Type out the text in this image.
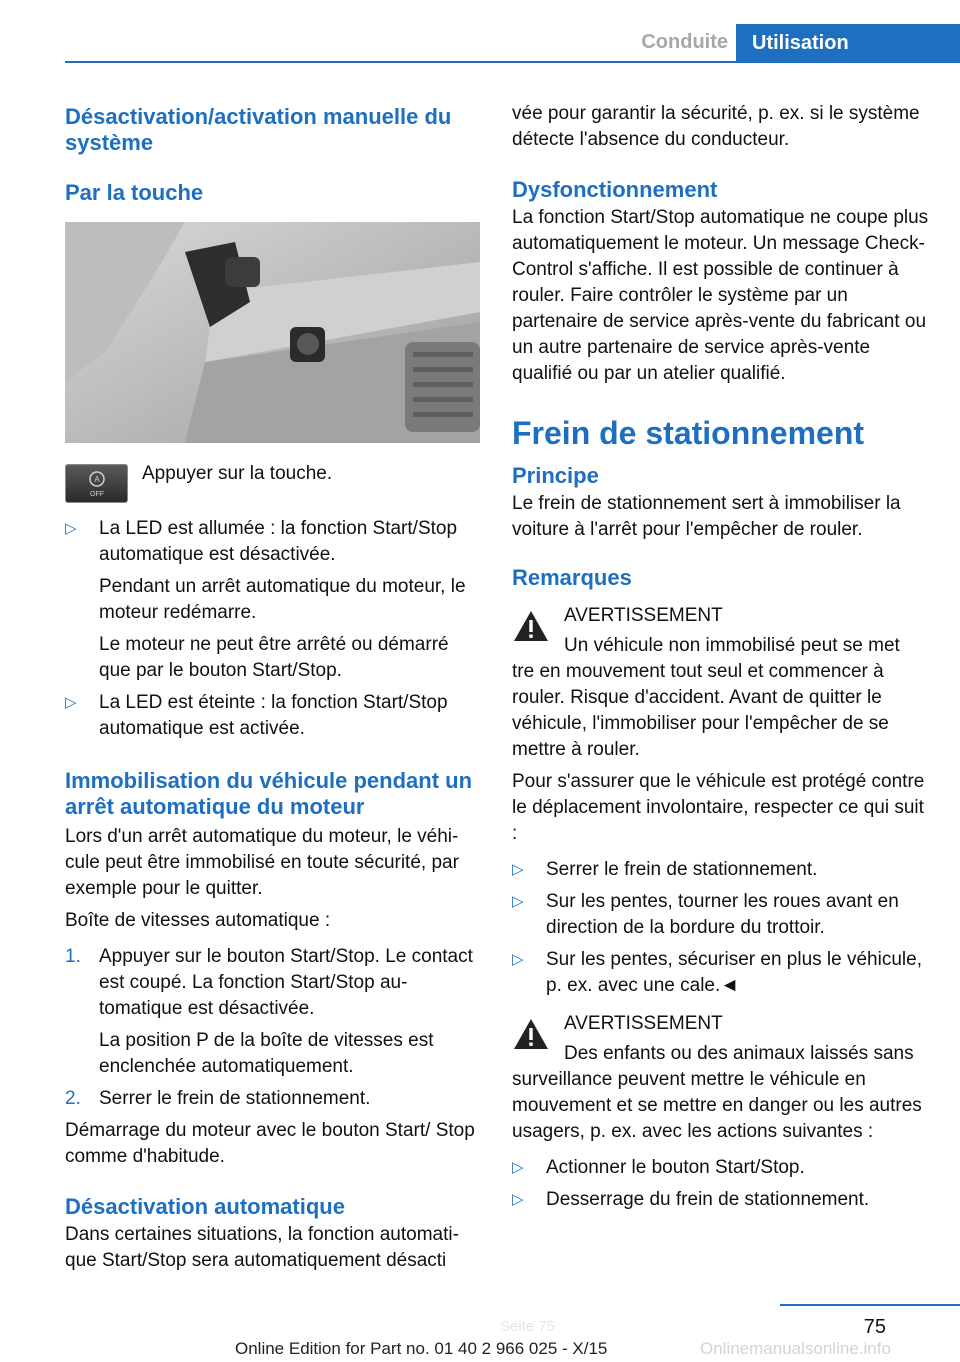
Conduite	Utilisation
Désactivation/activation manuelle du système
Par la touche
A
OFF

Appuyer sur la touche.

▷ La LED est allumée : la fonction Start/Stop automatique est désactivée.

Pendant un arrêt automatique du moteur, le moteur redémarre.

Le moteur ne peut être arrêté ou démarré que par le bouton Start/Stop.

▷ La LED est éteinte : la fonction Start/Stop automatique est activée.

Immobilisation du véhicule pendant un arrêt automatique du moteur

Lors d'un arrêt automatique du moteur, le véhicule peut être immobilisé en toute sécurité, par exemple pour le quitter.

Boîte de vitesses automatique :

1. Appuyer sur le bouton Start/Stop. Le contact est coupé. La fonction Start/Stop automatique est désactivée.

La position P de la boîte de vitesses est enclenchée automatiquement.

2. Serrer le frein de stationnement.

Démarrage du moteur avec le bouton Start/ Stop comme d'habitude.

Désactivation automatique

Dans certaines situations, la fonction automatique Start/Stop sera automatiquement désacti

vée pour garantir la sécurité, p. ex. si le système détecte l'absence du conducteur.

Dysfonctionnement

La fonction Start/Stop automatique ne coupe plus automatiquement le moteur. Un message Check-Control s'affiche. Il est possible de continuer à rouler. Faire contrôler le système par un partenaire de service après-vente du fabricant ou un autre partenaire de service après-vente qualifié ou par un atelier qualifié.

Frein de stationnement
Principe

Le frein de stationnement sert à immobiliser la voiture à l'arrêt pour l'empêcher de rouler.

Remarques

AVERTISSEMENT

Un véhicule non immobilisé peut se met

tre en mouvement tout seul et commencer à rouler. Risque d'accident. Avant de quitter le véhicule, l'immobiliser pour l'empêcher de se mettre à rouler.

Pour s'assurer que le véhicule est protégé contre le déplacement involontaire, respecter ce qui suit :

▷ Serrer le frein de stationnement.

▷ Sur les pentes, tourner les roues avant en direction de la bordure du trottoir.

▷ Sur les pentes, sécuriser en plus le véhicule, p. ex. avec une cale.◄

AVERTISSEMENT

Des enfants ou des animaux laissés sans

surveillance peuvent mettre le véhicule en mouvement et se mettre en danger ou les autres usagers, p. ex. avec les actions suivantes :

▷ Actionner le bouton Start/Stop.

▷ Desserrage du frein de stationnement.

75
Online Edition for Part no. 01 40 2 966 025 - X/15
Seite 75
Onlinemanualsonline.info
